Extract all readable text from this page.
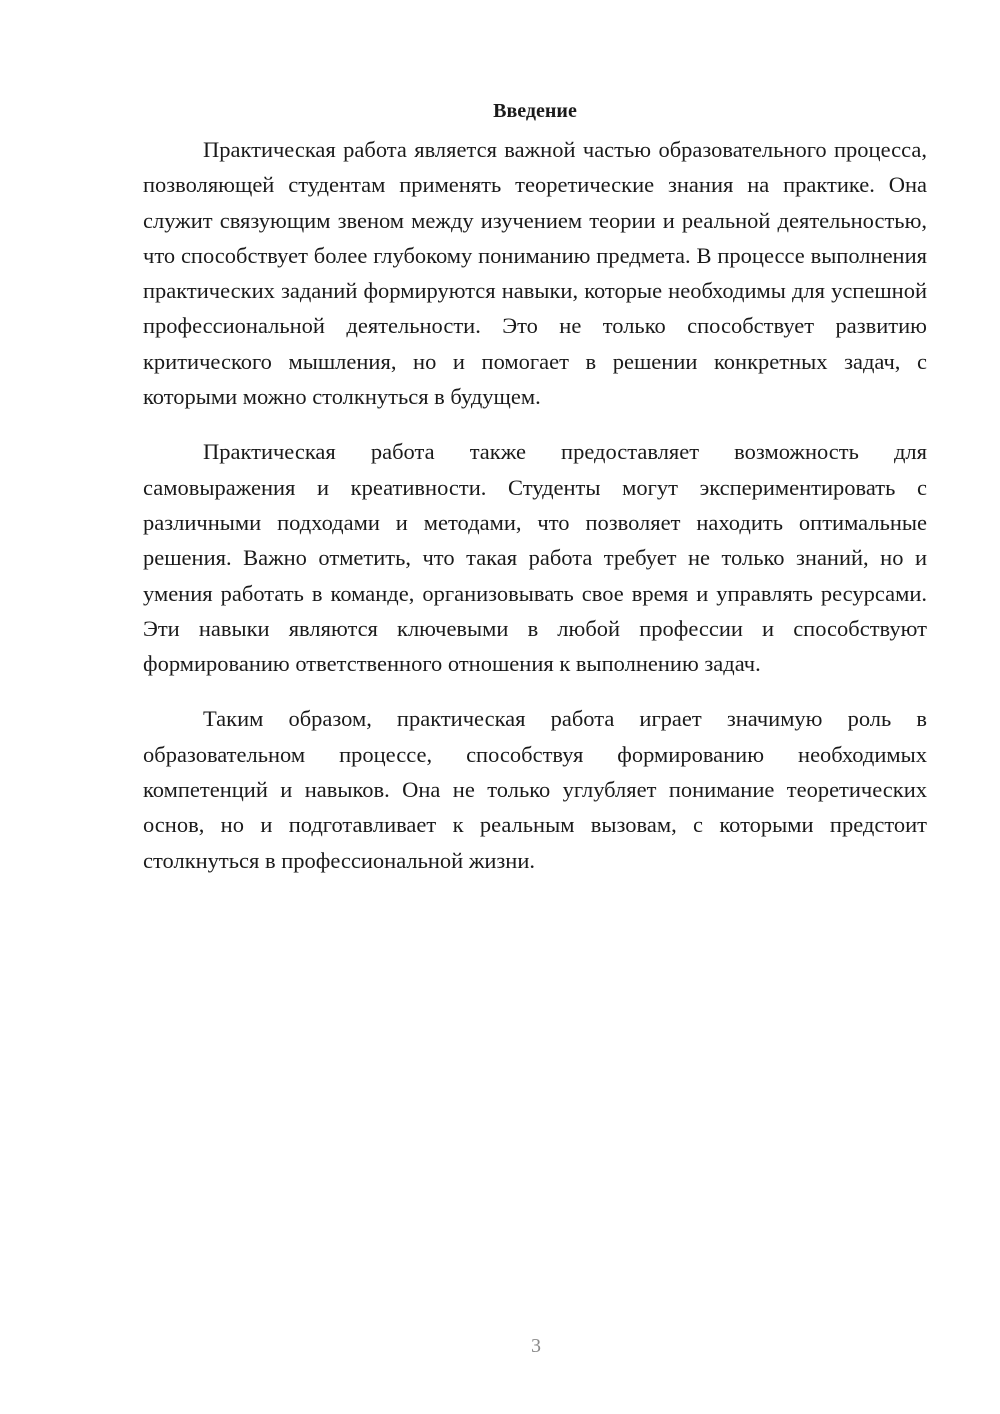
Введение

Практическая работа является важной частью образовательного процесса, позволяющей студентам применять теоретические знания на практике. Она служит связующим звеном между изучением теории и реальной деятельностью, что способствует более глубокому пониманию предмета. В процессе выполнения практических заданий формируются навыки, которые необходимы для успешной профессиональной деятельности. Это не только способствует развитию критического мышления, но и помогает в решении конкретных задач, с которыми можно столкнуться в будущем.

Практическая работа также предоставляет возможность для самовыражения и креативности. Студенты могут экспериментировать с различными подходами и методами, что позволяет находить оптимальные решения. Важно отметить, что такая работа требует не только знаний, но и умения работать в команде, организовывать свое время и управлять ресурсами. Эти навыки являются ключевыми в любой профессии и способствуют формированию ответственного отношения к выполнению задач.

Таким образом, практическая работа играет значимую роль в образовательном процессе, способствуя формированию необходимых компетенций и навыков. Она не только углубляет понимание теоретических основ, но и подготавливает к реальным вызовам, с которыми предстоит столкнуться в профессиональной жизни.

3
